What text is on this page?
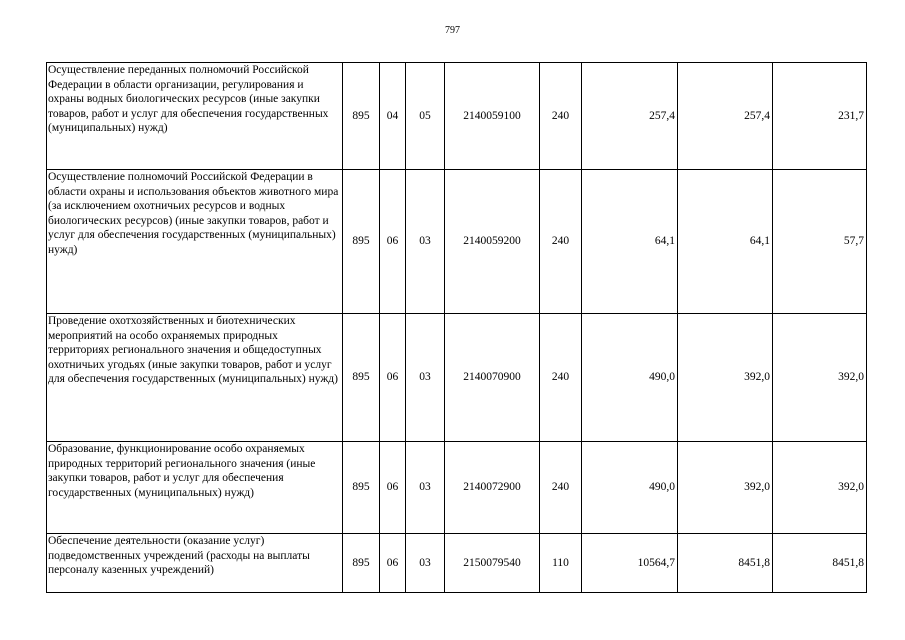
797
Осуществление переданных полномочий Российской Федерации в области организации, регулирования и охраны водных биологических ресурсов (иные закупки товаров, работ и услуг для обеспечения государственных (муниципальных) нужд)	895	04	05	2140059100	240	257,4	257,4	231,7
Осуществление полномочий Российской Федерации в области охраны и использования объектов животного мира (за исключением охотничьих ресурсов и водных биологических ресурсов) (иные закупки товаров, работ и услуг для обеспечения государственных (муниципальных) нужд)	895	06	03	2140059200	240	64,1	64,1	57,7
Проведение охотхозяйственных и биотехнических мероприятий на особо охраняемых природных территориях регионального значения и общедоступных охотничьих угодьях (иные закупки товаров, работ и услуг для обеспечения государственных (муниципальных) нужд)	895	06	03	2140070900	240	490,0	392,0	392,0
Образование, функционирование особо охраняемых природных территорий регионального значения (иные закупки товаров, работ и услуг для обеспечения государственных (муниципальных) нужд)	895	06	03	2140072900	240	490,0	392,0	392,0
Обеспечение деятельности (оказание услуг) подведомственных учреждений (расходы на выплаты персоналу казенных учреждений)	895	06	03	2150079540	110	10564,7	8451,8	8451,8
